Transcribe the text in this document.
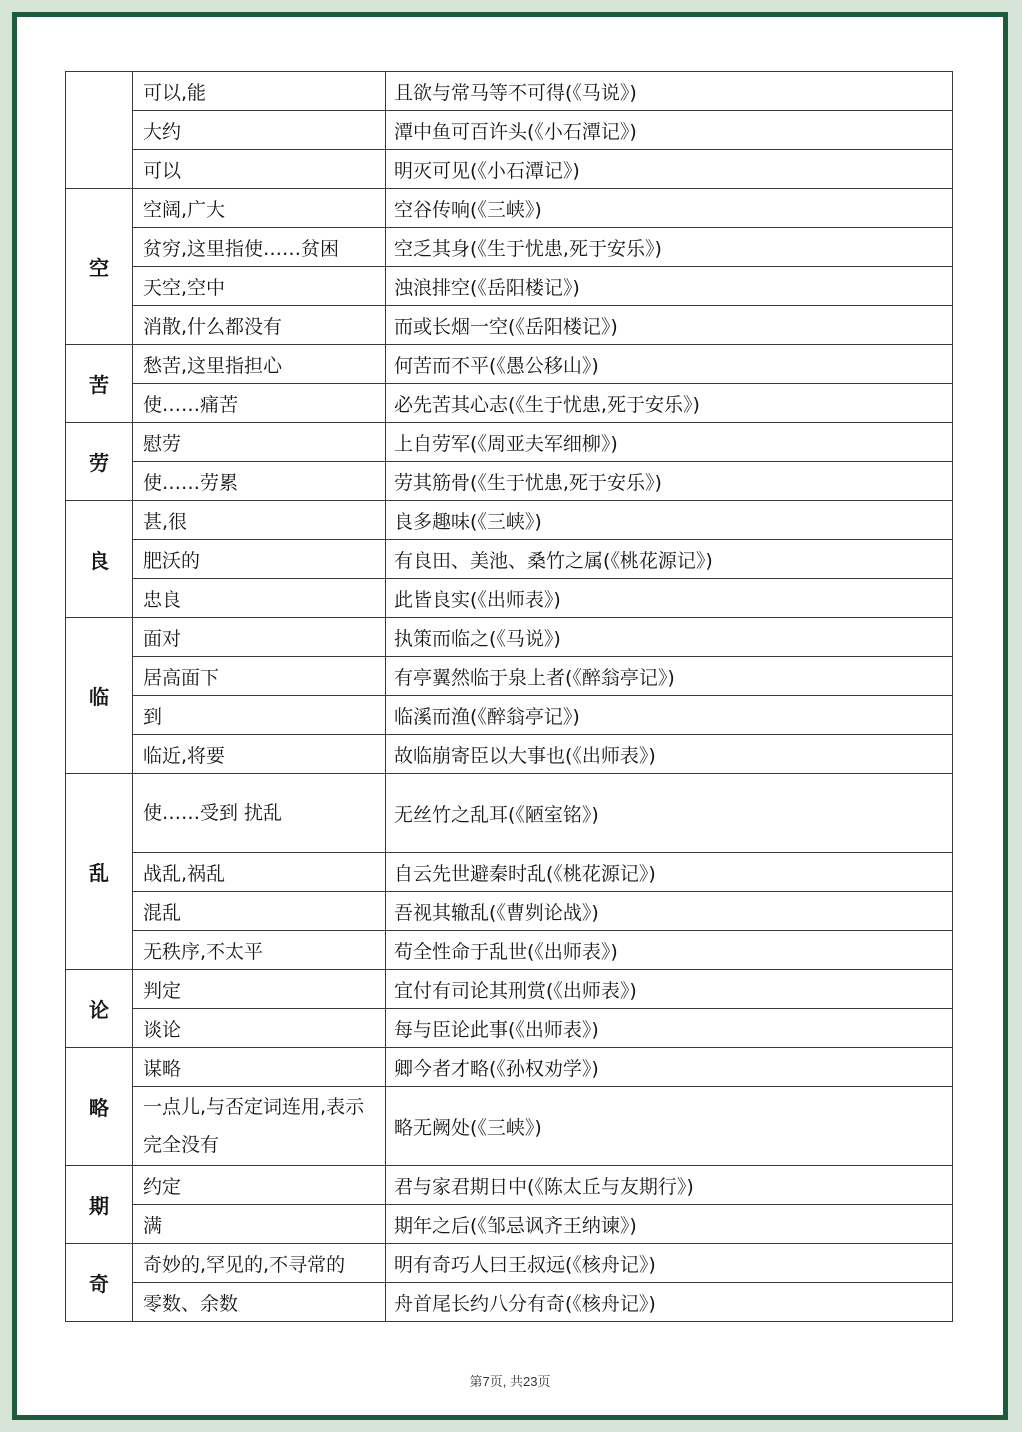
	可以,能	且欲与常马等不可得(《马说》)
	大约	潭中鱼可百许头(《小石潭记》)
	可以	明灭可见(《小石潭记》)
空	空阔,广大	空谷传响(《三峡》)
	贫穷,这里指使……贫困	空乏其身(《生于忧患,死于安乐》)
	天空,空中	浊浪排空(《岳阳楼记》)
	消散,什么都没有	而或长烟一空(《岳阳楼记》)
苦	愁苦,这里指担心	何苦而不平(《愚公移山》)
	使……痛苦	必先苦其心志(《生于忧患,死于安乐》)
劳	慰劳	上自劳军(《周亚夫军细柳》)
	使……劳累	劳其筋骨(《生于忧患,死于安乐》)
良	甚,很	良多趣味(《三峡》)
	肥沃的	有良田、美池、桑竹之属(《桃花源记》)
	忠良	此皆良实(《出师表》)
临	面对	执策而临之(《马说》)
	居高面下	有亭翼然临于泉上者(《醉翁亭记》)
	到	临溪而渔(《醉翁亭记》)
	临近,将要	故临崩寄臣以大事也(《出师表》)
乱	使……受到 扰乱	无丝竹之乱耳(《陋室铭》)
	战乱,祸乱	自云先世避秦时乱(《桃花源记》)
	混乱	吾视其辙乱(《曹刿论战》)
	无秩序,不太平	苟全性命于乱世(《出师表》)
论	判定	宜付有司论其刑赏(《出师表》)
	谈论	每与臣论此事(《出师表》)
略	谋略	卿今者才略(《孙权劝学》)
	一点儿,与否定词连用,表示完全没有	略无阙处(《三峡》)
期	约定	君与家君期日中(《陈太丘与友期行》)
	满	期年之后(《邹忌讽齐王纳谏》)
奇	奇妙的,罕见的,不寻常的	明有奇巧人曰王叔远(《核舟记》)
	零数、余数	舟首尾长约八分有奇(《核舟记》)
第7页, 共23页
